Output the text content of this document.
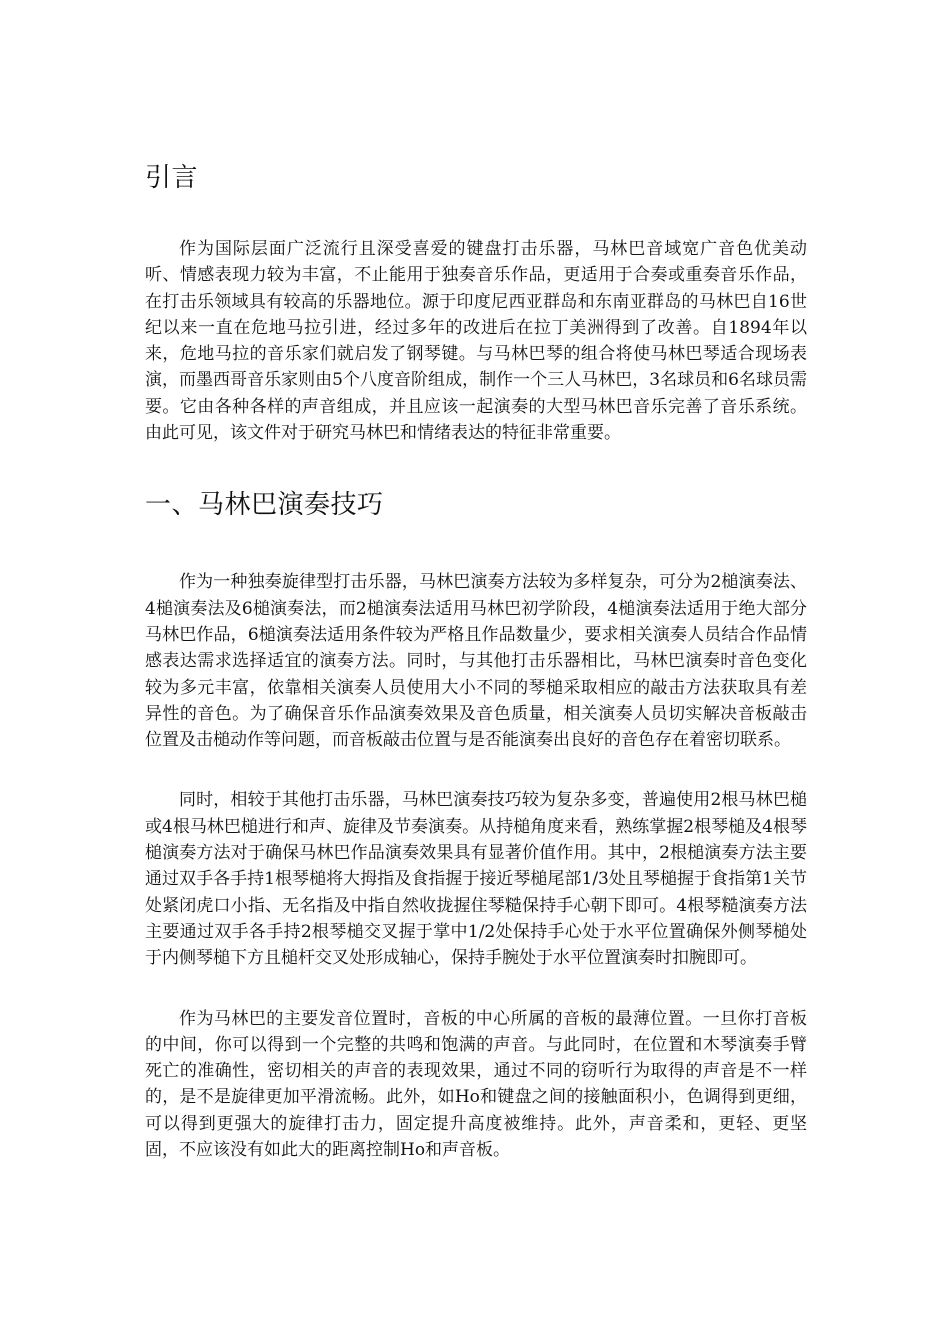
引言

作为国际层面广泛流行且深受喜爱的键盘打击乐器，马林巴音域宽广音色优美动听、情感表现力较为丰富，不止能用于独奏音乐作品，更适用于合奏或重奏音乐作品，在打击乐领域具有较高的乐器地位。源于印度尼西亚群岛和东南亚群岛的马林巴自16世纪以来一直在危地马拉引进，经过多年的改进后在拉丁美洲得到了改善。自1894年以来，危地马拉的音乐家们就启发了钢琴键。与马林巴琴的组合将使马林巴琴适合现场表演，而墨西哥音乐家则由5个八度音阶组成，制作一个三人马林巴，3名球员和6名球员需要。它由各种各样的声音组成，并且应该一起演奏的大型马林巴音乐完善了音乐系统。由此可见，该文件对于研究马林巴和情绪表达的特征非常重要。

一、马林巴演奏技巧

作为一种独奏旋律型打击乐器，马林巴演奏方法较为多样复杂，可分为2槌演奏法、4槌演奏法及6槌演奏法，而2槌演奏法适用马林巴初学阶段，4槌演奏法适用于绝大部分马林巴作品，6槌演奏法适用条件较为严格且作品数量少，要求相关演奏人员结合作品情感表达需求选择适宜的演奏方法。同时，与其他打击乐器相比，马林巴演奏时音色变化较为多元丰富，依靠相关演奏人员使用大小不同的琴槌采取相应的敲击方法获取具有差异性的音色。为了确保音乐作品演奏效果及音色质量，相关演奏人员切实解决音板敲击位置及击槌动作等问题，而音板敲击位置与是否能演奏出良好的音色存在着密切联系。

同时，相较于其他打击乐器，马林巴演奏技巧较为复杂多变，普遍使用2根马林巴槌或4根马林巴槌进行和声、旋律及节奏演奏。从持槌角度来看，熟练掌握2根琴槌及4根琴槌演奏方法对于确保马林巴作品演奏效果具有显著价值作用。其中，2根槌演奏方法主要通过双手各手持1根琴槌将大拇指及食指握于接近琴槌尾部1/3处且琴槌握于食指第1关节处紧闭虎口小指、无名指及中指自然收拢握住琴糙保持手心朝下即可。4根琴糙演奏方法主要通过双手各手持2根琴槌交叉握于掌中1/2处保持手心处于水平位置确保外侧琴槌处于内侧琴槌下方且槌杆交叉处形成轴心，保持手腕处于水平位置演奏时扣腕即可。

作为马林巴的主要发音位置时，音板的中心所属的音板的最薄位置。一旦你打音板的中间，你可以得到一个完整的共鸣和饱满的声音。与此同时，在位置和木琴演奏手臂死亡的准确性，密切相关的声音的表现效果，通过不同的窃听行为取得的声音是不一样的，是不是旋律更加平滑流畅。此外，如Ho和键盘之间的接触面积小，色调得到更细，可以得到更强大的旋律打击力，固定提升高度被维持。此外，声音柔和，更轻、更坚固，不应该没有如此大的距离控制Ho和声音板。
